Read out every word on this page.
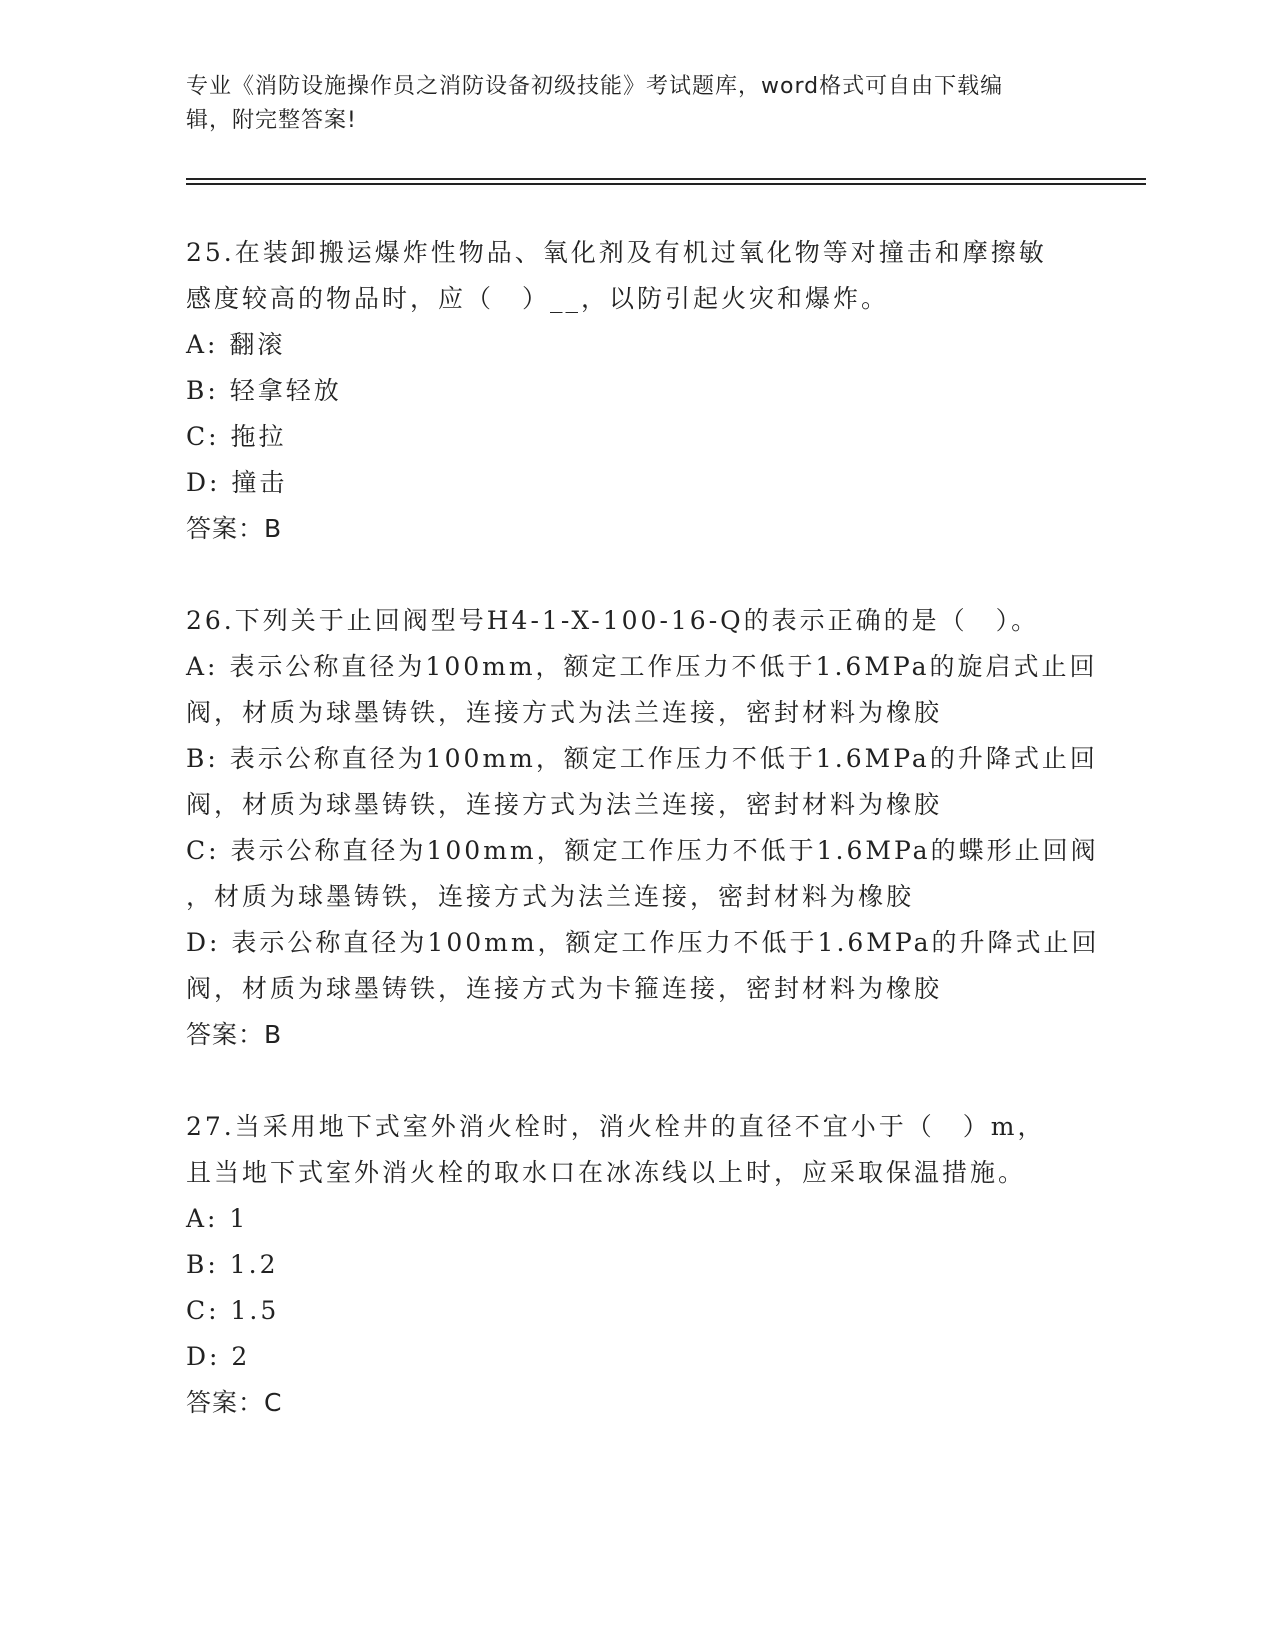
专业《消防设施操作员之消防设备初级技能》考试题库，word格式可自由下载编
辑，附完整答案!
25.在装卸搬运爆炸性物品、氧化剂及有机过氧化物等对撞击和摩擦敏
感度较高的物品时，应（　）__，以防引起火灾和爆炸。
A: 翻滚
B: 轻拿轻放
C: 拖拉
D: 撞击
答案：B
26.下列关于止回阀型号H4-1-X-100-16-Q的表示正确的是（　）。
A: 表示公称直径为100mm，额定工作压力不低于1.6MPa的旋启式止回
阀，材质为球墨铸铁，连接方式为法兰连接，密封材料为橡胶
B: 表示公称直径为100mm，额定工作压力不低于1.6MPa的升降式止回
阀，材质为球墨铸铁，连接方式为法兰连接，密封材料为橡胶
C: 表示公称直径为100mm，额定工作压力不低于1.6MPa的蝶形止回阀
，材质为球墨铸铁，连接方式为法兰连接，密封材料为橡胶
D: 表示公称直径为100mm，额定工作压力不低于1.6MPa的升降式止回
阀，材质为球墨铸铁，连接方式为卡箍连接，密封材料为橡胶
答案：B
27.当采用地下式室外消火栓时，消火栓井的直径不宜小于（　）m，
且当地下式室外消火栓的取水口在冰冻线以上时，应采取保温措施。
A: 1
B: 1.2
C: 1.5
D: 2
答案：C
